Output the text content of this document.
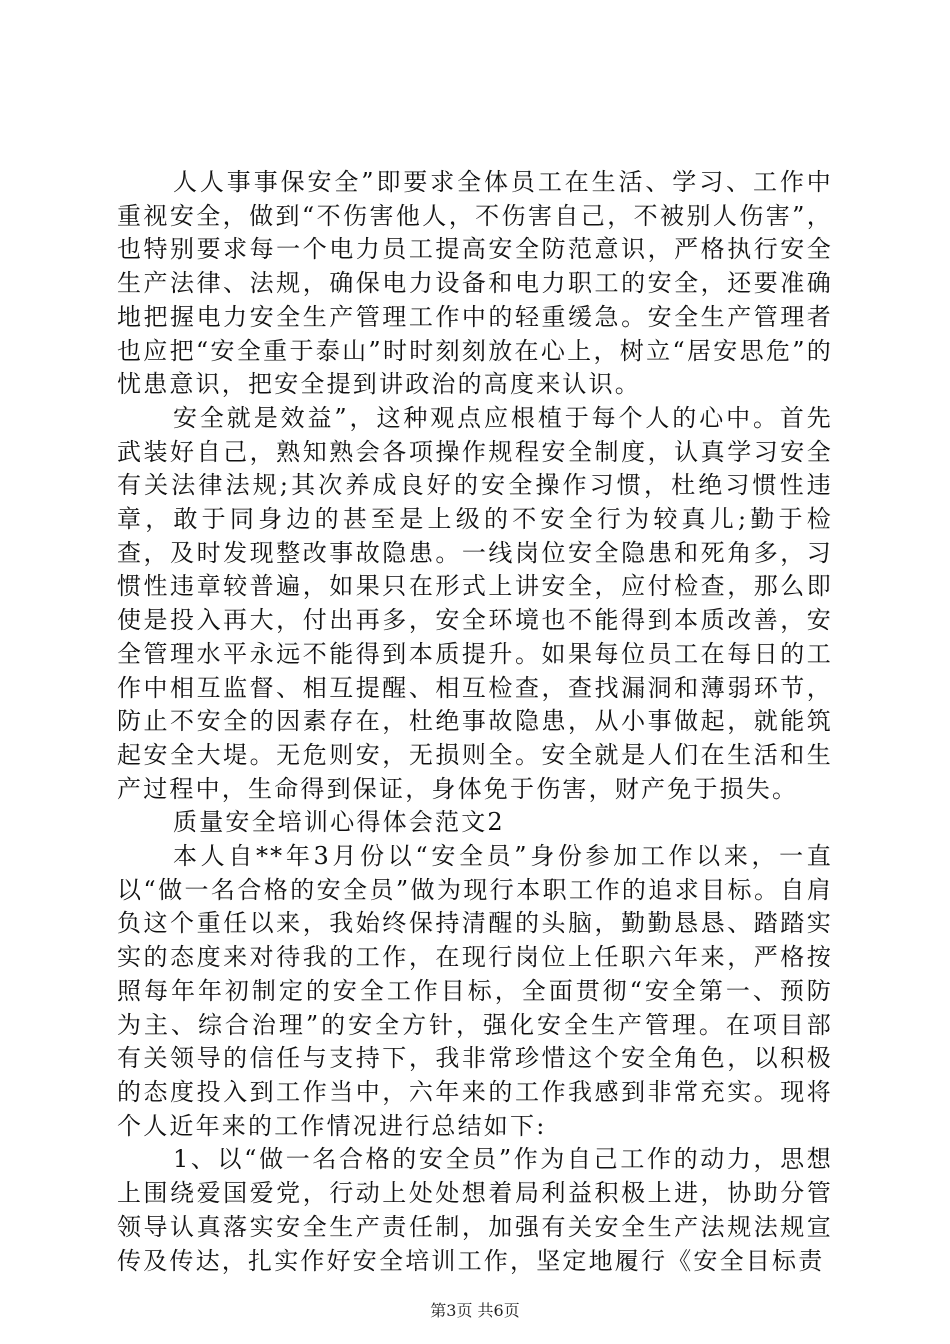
人人事事保安全”即要求全体员工在生活、学习、工作中重视安全，做到“不伤害他人，不伤害自己，不被别人伤害”，也特别要求每一个电力员工提高安全防范意识，严格执行安全生产法律、法规，确保电力设备和电力职工的安全，还要准确地把握电力安全生产管理工作中的轻重缓急。安全生产管理者也应把“安全重于泰山”时时刻刻放在心上，树立“居安思危”的忧患意识，把安全提到讲政治的高度来认识。

安全就是效益”，这种观点应根植于每个人的心中。首先武装好自己，熟知熟会各项操作规程安全制度，认真学习安全有关法律法规;其次养成良好的安全操作习惯，杜绝习惯性违章，敢于同身边的甚至是上级的不安全行为较真儿;勤于检查，及时发现整改事故隐患。一线岗位安全隐患和死角多，习惯性违章较普遍，如果只在形式上讲安全，应付检查，那么即使是投入再大，付出再多，安全环境也不能得到本质改善，安全管理水平永远不能得到本质提升。如果每位员工在每日的工作中相互监督、相互提醒、相互检查，查找漏洞和薄弱环节，防止不安全的因素存在，杜绝事故隐患，从小事做起，就能筑起安全大堤。无危则安，无损则全。安全就是人们在生活和生产过程中，生命得到保证，身体免于伤害，财产免于损失。

质量安全培训心得体会范文2

本人自**年3月份以“安全员”身份参加工作以来，一直以“做一名合格的安全员”做为现行本职工作的追求目标。自肩负这个重任以来，我始终保持清醒的头脑，勤勤恳恳、踏踏实实的态度来对待我的工作，在现行岗位上任职六年来，严格按照每年年初制定的安全工作目标，全面贯彻“安全第一、预防为主、综合治理”的安全方针，强化安全生产管理。在项目部有关领导的信任与支持下，我非常珍惜这个安全角色，以积极的态度投入到工作当中，六年来的工作我感到非常充实。现将个人近年来的工作情况进行总结如下:

1、以“做一名合格的安全员”作为自己工作的动力，思想上围绕爱国爱党，行动上处处想着局利益积极上进，协助分管领导认真落实安全生产责任制，加强有关安全生产法规法规宣传及传达，扎实作好安全培训工作，坚定地履行《安全目标责

第3页 共6页
